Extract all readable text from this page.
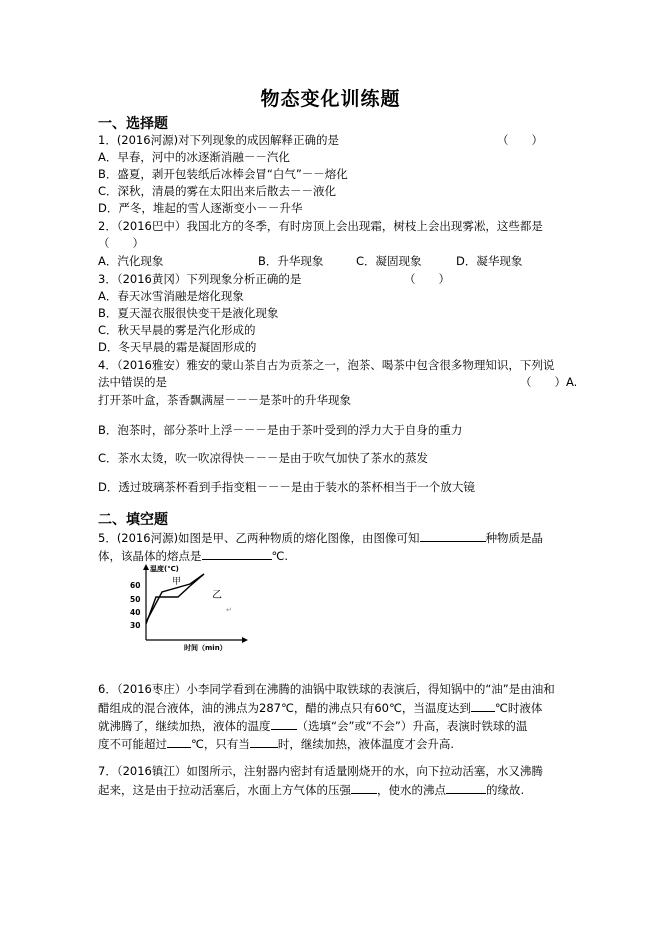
物态变化训练题
一、选择题
1．(2016河源)对下列现象的成因解释正确的是	（　　）
A．早春，河中的冰逐渐消融－－汽化
B．盛夏，剥开包装纸后冰棒会冒“白气”－－熔化
C．深秋，清晨的雾在太阳出来后散去－－液化
D．严冬，堆起的雪人逐渐变小－－升华
2．（2016巴中）我国北方的冬季，有时房顶上会出现霜，树枝上会出现雾凇，这些都是
（　　）
A．汽化现象	B．升华现象	C．凝固现象	D．凝华现象
3．（2016黄冈）下列现象分析正确的是	（　　）
A．春天冰雪消融是熔化现象
B．夏天湿衣服很快变干是液化现象
C．秋天早晨的雾是汽化形成的
D．冬天早晨的霜是凝固形成的
4．（2016雅安）雅安的蒙山茶自古为贡茶之一，泡茶、喝茶中包含很多物理知识，下列说
法中错误的是	（　　）A.
打开茶叶盒，茶香飘满屋－－－是茶叶的升华现象
B．泡茶时，部分茶叶上浮－－－是由于茶叶受到的浮力大于自身的重力
C．茶水太烫，吹一吹凉得快－－－是由于吹气加快了茶水的蒸发
D．透过玻璃茶杯看到手指变粗－－－是由于装水的茶杯相当于一个放大镜
二、填空题
5．(2016河源)如图是甲、乙两种物质的熔化图像，由图像可知	种物质是晶
体，该晶体的熔点是	℃.
温度(℃)
时间（min）
60
50
40
30
甲
乙
↵
6．（2016枣庄）小李同学看到在沸腾的油锅中取铁球的表演后，得知锅中的“油”是由油和
醋组成的混合液体，油的沸点为287℃，醋的沸点只有60℃，当温度达到 ℃时液体
就沸腾了，继续加热，液体的温度 （选填“会”或“不会”）升高，表演时铁球的温
度不可能超过 ℃，只有当 时，继续加热，液体温度才会升高.
7．（2016镇江）如图所示，注射器内密封有适量刚烧开的水，向下拉动活塞，水又沸腾
起来，这是由于拉动活塞后，水面上方气体的压强 ，使水的沸点	的缘故.
